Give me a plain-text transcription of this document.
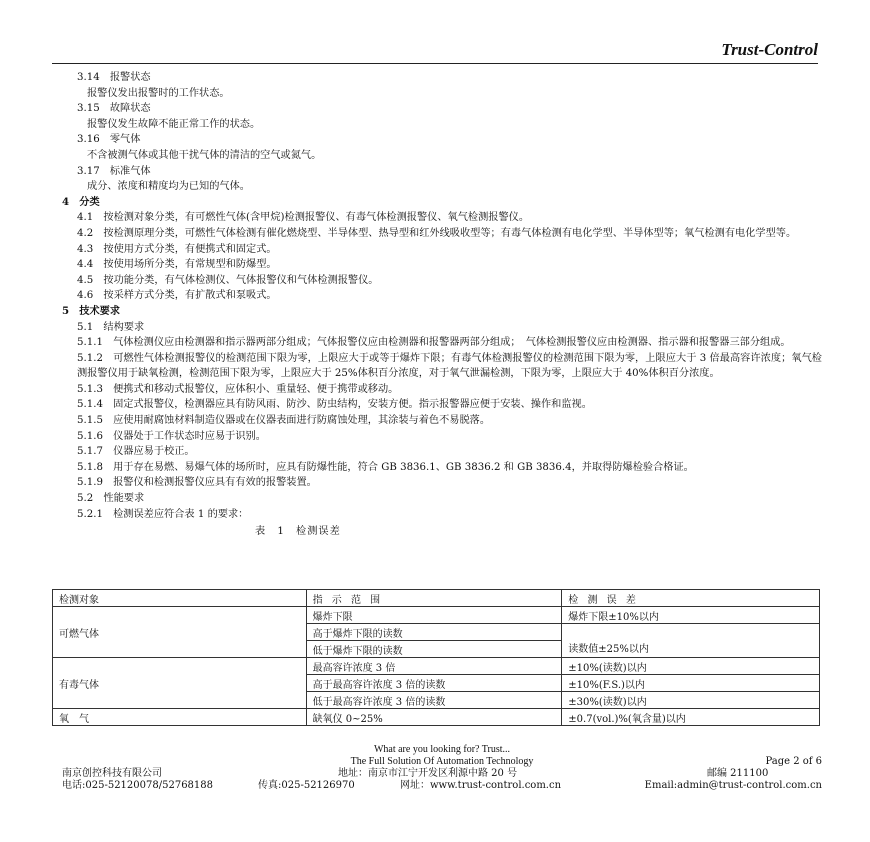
Trust-Control
3.14　报警状态
报警仪发出报警时的工作状态。
3.15　故障状态
报警仪发生故障不能正常工作的状态。
3.16　零气体
不含被测气体或其他干扰气体的清洁的空气或氮气。
3.17　标准气体
成分、浓度和精度均为已知的气体。
4　分类
4.1　按检测对象分类，有可燃性气体(含甲烷)检测报警仪、有毒气体检测报警仪、氧气检测报警仪。
4.2　按检测原理分类，可燃性气体检测有催化燃烧型、半导体型、热导型和红外线吸收型等；有毒气体检测有电化学型、半导体型等；氧气检测有电化学型等。
4.3　按使用方式分类，有便携式和固定式。
4.4　按使用场所分类，有常规型和防爆型。
4.5　按功能分类，有气体检测仪、气体报警仪和气体检测报警仪。
4.6　按采样方式分类，有扩散式和泵吸式。
5　技术要求
5.1　结构要求
5.1.1　气体检测仪应由检测器和指示器两部分组成；气体报警仪应由检测器和报警器两部分组成；　气体检测报警仪应由检测器、指示器和报警器三部分组成。
5.1.2　可燃性气体检测报警仪的检测范围下限为零，上限应大于或等于爆炸下限；有毒气体检测报警仪的检测范围下限为零，上限应大于 3 倍最高容许浓度；氧气检测报警仪用于缺氧检测，检测范围下限为零，上限应大于 25%体积百分浓度，对于氧气泄漏检测，下限为零，上限应大于 40%体积百分浓度。
5.1.3　便携式和移动式报警仪，应体积小、重量轻、便于携带或移动。
5.1.4　固定式报警仪，检测器应具有防风雨、防沙、防虫结构，安装方便。指示报警器应便于安装、操作和监视。
5.1.5　应使用耐腐蚀材料制造仪器或在仪器表面进行防腐蚀处理，其涂装与着色不易脱落。
5.1.6　仪器处于工作状态时应易于识别。
5.1.7　仪器应易于校正。
5.1.8　用于存在易燃、易爆气体的场所时，应具有防爆性能，符合 GB 3836.1、GB 3836.2 和 GB 3836.4，并取得防爆检验合格证。
5.1.9　报警仪和检测报警仪应具有有效的报警装置。
5.2　性能要求
5.2.1　检测误差应符合表 1 的要求：
表　1　检测误差
检测对象	指 示 范 围	检 测 误 差
可燃气体	爆炸下限	爆炸下限±10%以内
	高于爆炸下限的读数	读数值±25%以内
	低于爆炸下限的读数	
有毒气体	最高容许浓度 3 倍	±10%(读数)以内
	高于最高容许浓度 3 倍的读数	±10%(F.S.)以内
	低于最高容许浓度 3 倍的读数	±30%(读数)以内
氧　气	缺氧仪 0~25%	±0.7(vol.)%(氧含量)以内
What are you looking for? Trust...
The Full Solution Of Automation Technology	Page 2 of 6
南京创控科技有限公司	地址：南京市江宁开发区利源中路 20 号	邮编 211100
电话:025-52120078/52768188	传真:025-52126970	网址：www.trust-control.com.cn	Email:admin@trust-control.com.cn
